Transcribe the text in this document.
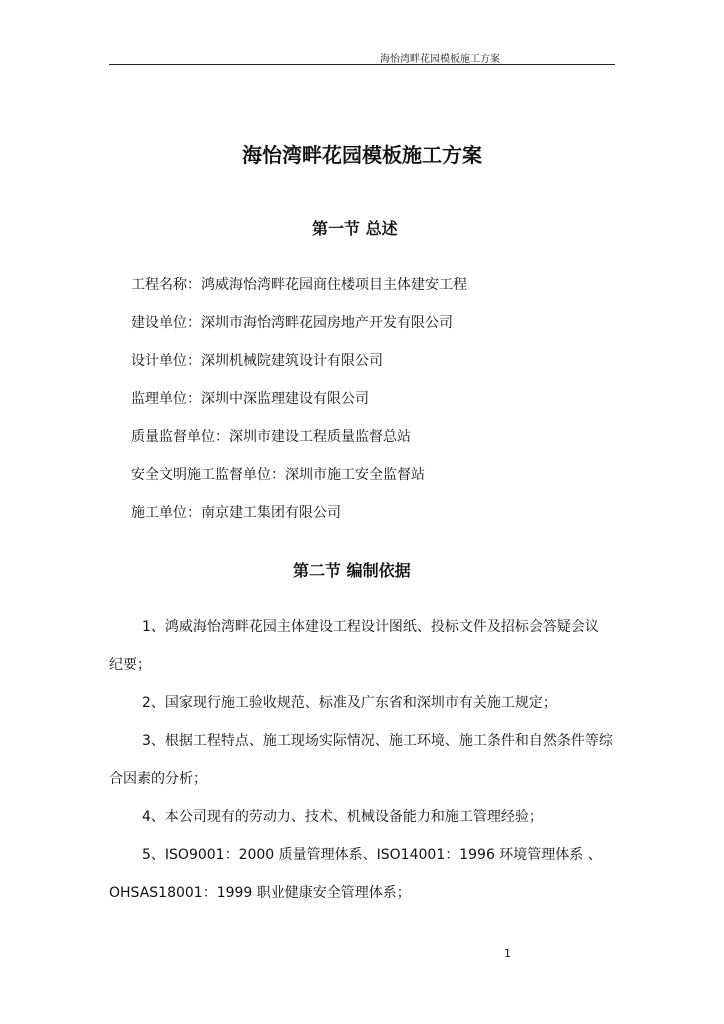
海怡湾畔花园模板施工方案
海怡湾畔花园模板施工方案
第一节 总述
工程名称：鸿威海怡湾畔花园商住楼项目主体建安工程
建设单位：深圳市海怡湾畔花园房地产开发有限公司
设计单位：深圳机械院建筑设计有限公司
监理单位：深圳中深监理建设有限公司
质量监督单位：深圳市建设工程质量监督总站
安全文明施工监督单位：深圳市施工安全监督站
施工单位：南京建工集团有限公司
第二节 编制依据
1、鸿威海怡湾畔花园主体建设工程设计图纸、投标文件及招标会答疑会议
纪要；
2、国家现行施工验收规范、标准及广东省和深圳市有关施工规定；
3、根据工程特点、施工现场实际情况、施工环境、施工条件和自然条件等综
合因素的分析；
4、本公司现有的劳动力、技术、机械设备能力和施工管理经验；
5、ISO9001：2000 质量管理体系、ISO14001：1996 环境管理体系 、
OHSAS18001：1999 职业健康安全管理体系；
1
